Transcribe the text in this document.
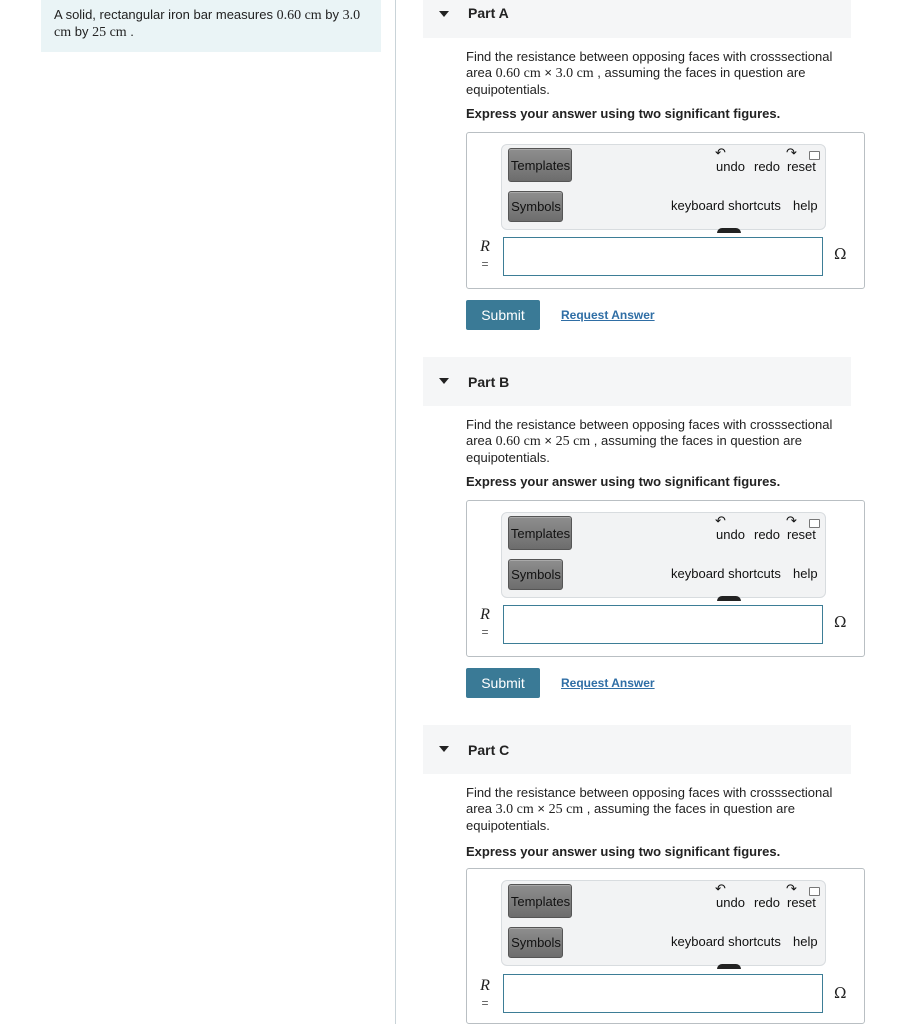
A solid, rectangular iron bar measures 0.60 cm by 3.0 cm by 25 cm .
Part A
Find the resistance between opposing faces with crosssectional area 0.60 cm × 3.0 cm , assuming the faces in question are equipotentials.
Express your answer using two significant figures.
Templates
Symbols
↶	↷
undo redo reset
keyboard shortcuts help
R
=
Ω
Submit	Request Answer
Part B
Find the resistance between opposing faces with crosssectional area 0.60 cm × 25 cm , assuming the faces in question are equipotentials.
Express your answer using two significant figures.
Templates
Symbols
↶	↷
undo redo reset
keyboard shortcuts help
R
=
Ω
Submit	Request Answer
Part C
Find the resistance between opposing faces with crosssectional area 3.0 cm × 25 cm , assuming the faces in question are equipotentials.
Express your answer using two significant figures.
Templates
Symbols
↶	↷
undo redo reset
keyboard shortcuts help
R
=
Ω
